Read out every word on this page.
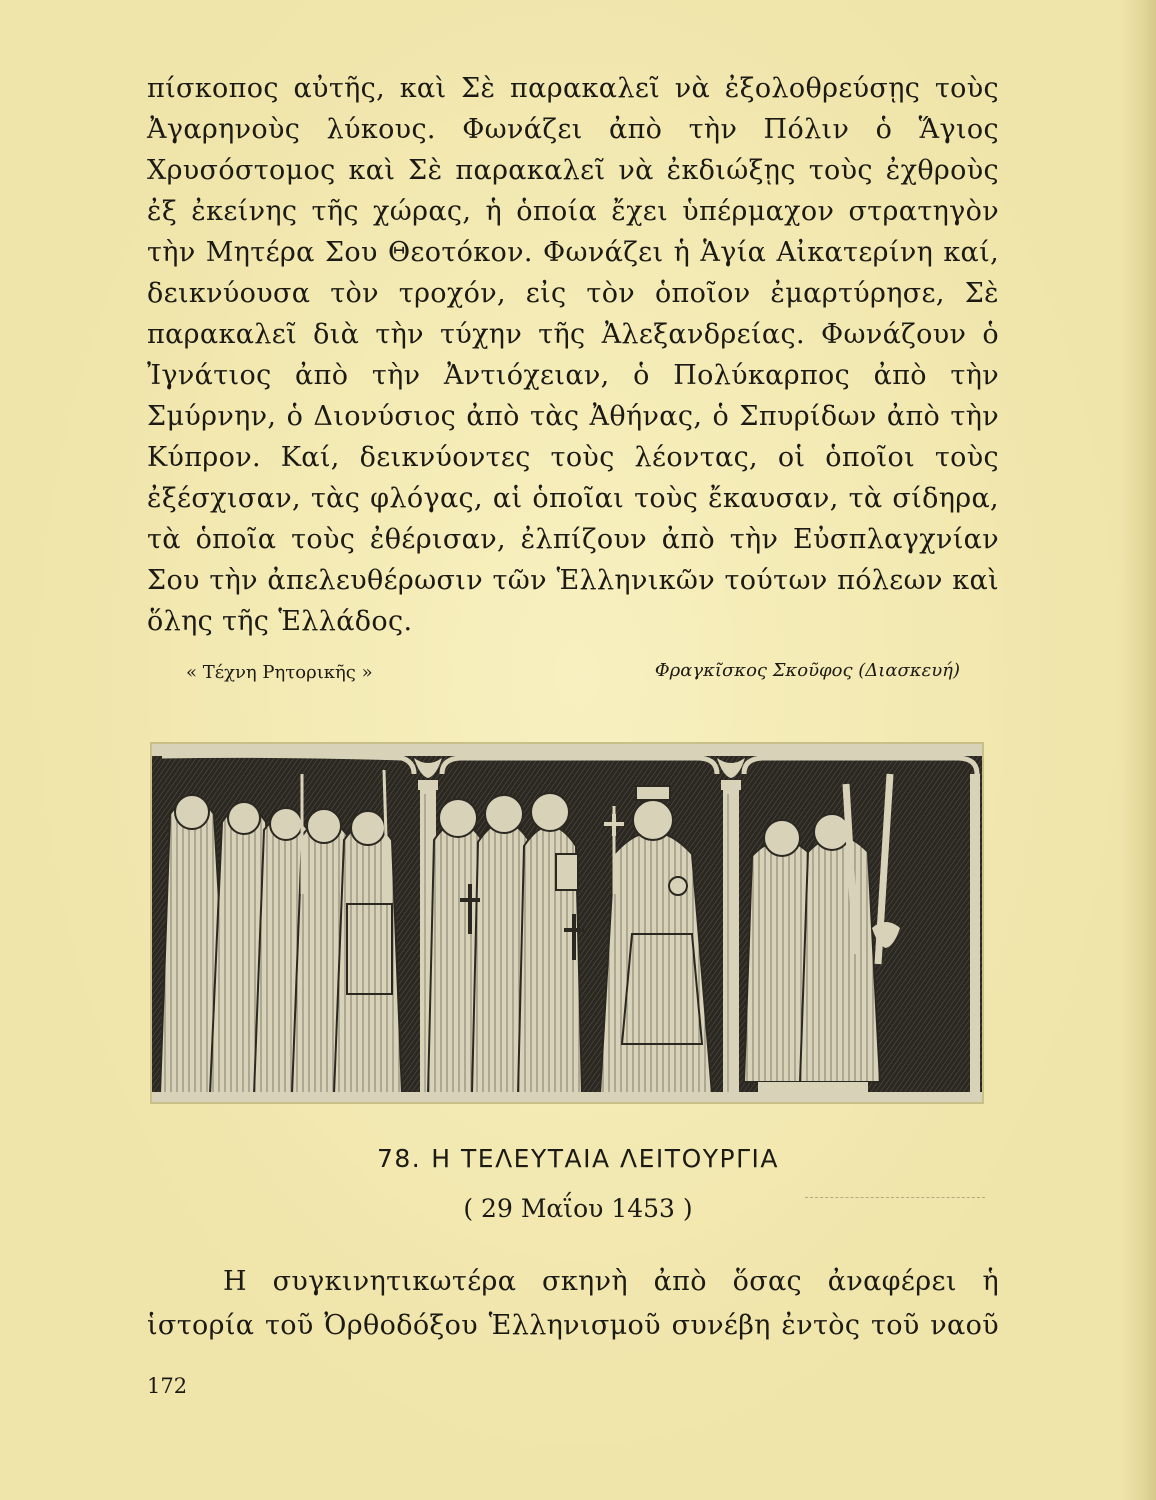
πίσκοπος αὐτῆς, καὶ Σὲ παρακαλεῖ νὰ ἐξολοθρεύσῃς τοὺς Ἀγαρηνοὺς λύκους. Φωνάζει ἀπὸ τὴν Πόλιν ὁ Ἅγιος Χρυσόστομος καὶ Σὲ παρακαλεῖ νὰ ἐκδιώξῃς τοὺς ἐχθροὺς ἐξ ἐκείνης τῆς χώρας, ἡ ὁποία ἔχει ὑπέρμαχον στρατηγὸν τὴν Μητέρα Σου Θεοτόκον. Φωνάζει ἡ Ἁγία Αἰκατερίνη καί, δεικνύουσα τὸν τροχόν, εἰς τὸν ὁποῖον ἐμαρτύρησε, Σὲ παρακαλεῖ διὰ τὴν τύχην τῆς Ἀλεξανδρείας. Φωνάζουν ὁ Ἰγνάτιος ἀπὸ τὴν Ἀντιόχειαν, ὁ Πολύκαρπος ἀπὸ τὴν Σμύρνην, ὁ Διονύσιος ἀπὸ τὰς Ἀθήνας, ὁ Σπυρίδων ἀπὸ τὴν Κύπρον. Καί, δεικνύοντες τοὺς λέοντας, οἱ ὁποῖοι τοὺς ἐξέσχισαν, τὰς φλόγας, αἱ ὁποῖαι τοὺς ἔκαυσαν, τὰ σίδηρα, τὰ ὁποῖα τοὺς ἐθέρισαν, ἐλπίζουν ἀπὸ τὴν Εὐσπλαγχνίαν Σου τὴν ἀπελευθέρωσιν τῶν Ἑλληνικῶν τούτων πόλεων καὶ ὅλης τῆς Ἑλλάδος.

« Τέχνη Ρητορικῆς »	Φραγκῖσκος Σκοῦφος (Διασκευή)
78. Η ΤΕΛΕΥΤΑΙΑ ΛΕΙΤΟΥΡΓΙΑ
( 29 Μαΐου 1453 )

Η συγκινητικωτέρα σκηνὴ ἀπὸ ὅσας ἀναφέρει ἡ ἱστορία τοῦ Ὀρθοδόξου Ἑλληνισμοῦ συνέβη ἐντὸς τοῦ ναοῦ

172
